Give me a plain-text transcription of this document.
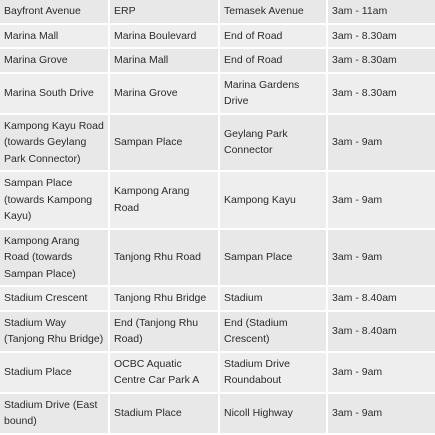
Bayfront Avenue	ERP	Temasek Avenue	3am - 11am
Marina Mall	Marina Boulevard	End of Road	3am - 8.30am
Marina Grove	Marina Mall	End of Road	3am - 8.30am
Marina South Drive	Marina Grove	Marina Gardens Drive	3am - 8.30am
Kampong Kayu Road (towards Geylang Park Connector)	Sampan Place	Geylang Park Connector	3am - 9am
Sampan Place (towards Kampong Kayu)	Kampong Arang Road	Kampong Kayu	3am - 9am
Kampong Arang Road (towards Sampan Place)	Tanjong Rhu Road	Sampan Place	3am - 9am
Stadium Crescent	Tanjong Rhu Bridge	Stadium	3am - 8.40am
Stadium Way (Tanjong Rhu Bridge)	End (Tanjong Rhu Road)	End (Stadium Crescent)	3am - 8.40am
Stadium Place	OCBC Aquatic Centre Car Park A	Stadium Drive Roundabout	3am - 9am
Stadium Drive (East bound)	Stadium Place	Nicoll Highway	3am - 9am
